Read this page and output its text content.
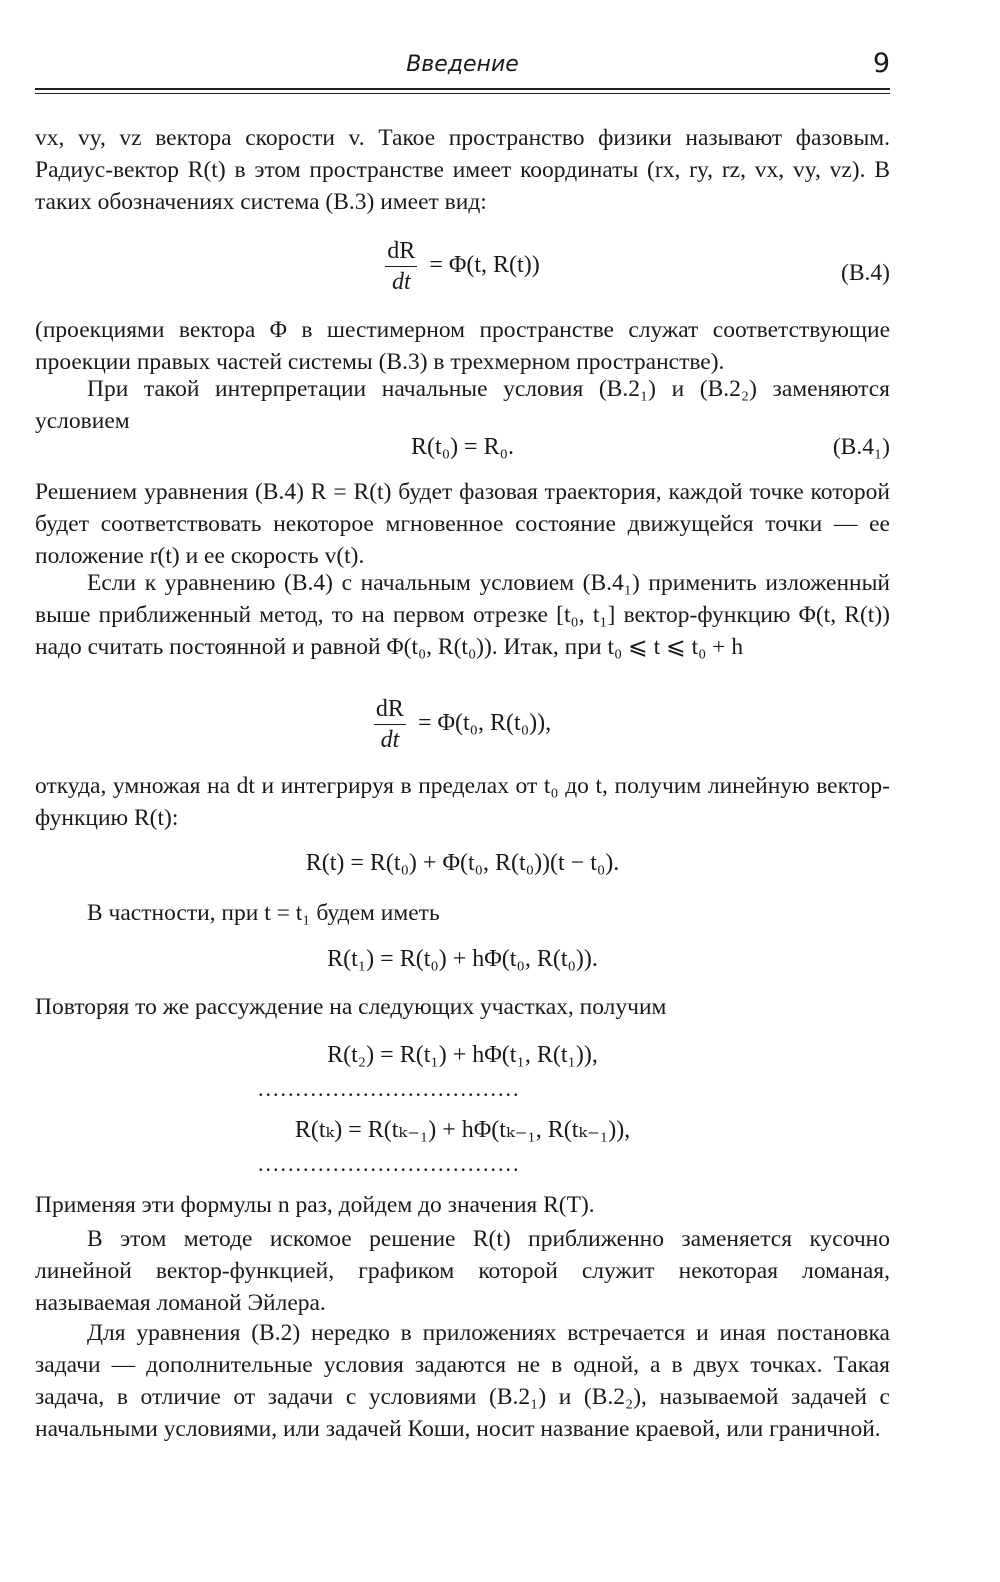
Введение	9
vx, vy, vz вектора скорости v. Такое пространство физики называют фазовым. Радиус-вектор R(t) в этом пространстве имеет координаты (rx, ry, rz, vx, vy, vz). В таких обозначениях система (В.3) имеет вид:
$\frac{dR}{dt} = \Phi(t$, R(t))	(В.4)
(проекциями вектора Φ в шестимерном пространстве служат соответствующие проекции правых частей системы (В.3) в трехмерном пространстве).
При такой интерпретации начальные условия (В.2₁) и (В.2₂) заменяются условием
R(t₀) = R₀.	(В.4₁)
Решением уравнения (В.4) R = R(t) будет фазовая траектория, каждой точке которой будет соответствовать некоторое мгновенное состояние движущейся точки — ее положение r(t) и ее скорость v(t).
Если к уравнению (В.4) с начальным условием (В.4₁) применить изложенный выше приближенный метод, то на первом отрезке [t₀, t₁] вектор-функцию Φ(t, R(t)) надо считать постоянной и равной Φ(t₀, R(t₀)). Итак, при t₀ ⩽ t ⩽ t₀ + h
$\frac{dR}{dt} = \Phi(t_0$, R(t₀)),
откуда, умножая на dt и интегрируя в пределах от t₀ до t, получим линейную вектор-функцию R(t):
R(t) = R(t₀) + Φ(t₀, R(t₀))(t − t₀).
В частности, при t = t₁ будем иметь
R(t₁) = R(t₀) + hΦ(t₀, R(t₀)).
Повторяя то же рассуждение на следующих участках, получим
R(t₂) = R(t₁) + hΦ(t₁, R(t₁)),
...................................
R(tₖ) = R(tₖ₋₁) + hΦ(tₖ₋₁, R(tₖ₋₁)),
...................................
Применяя эти формулы n раз, дойдем до значения R(T).
В этом методе искомое решение R(t) приближенно заменяется кусочно линейной вектор-функцией, графиком которой служит некоторая ломаная, называемая ломаной Эйлера.
Для уравнения (В.2) нередко в приложениях встречается и иная постановка задачи — дополнительные условия задаются не в одной, а в двух точках. Такая задача, в отличие от задачи с условиями (В.2₁) и (В.2₂), называемой задачей с начальными условиями, или задачей Коши, носит название краевой, или граничной.
